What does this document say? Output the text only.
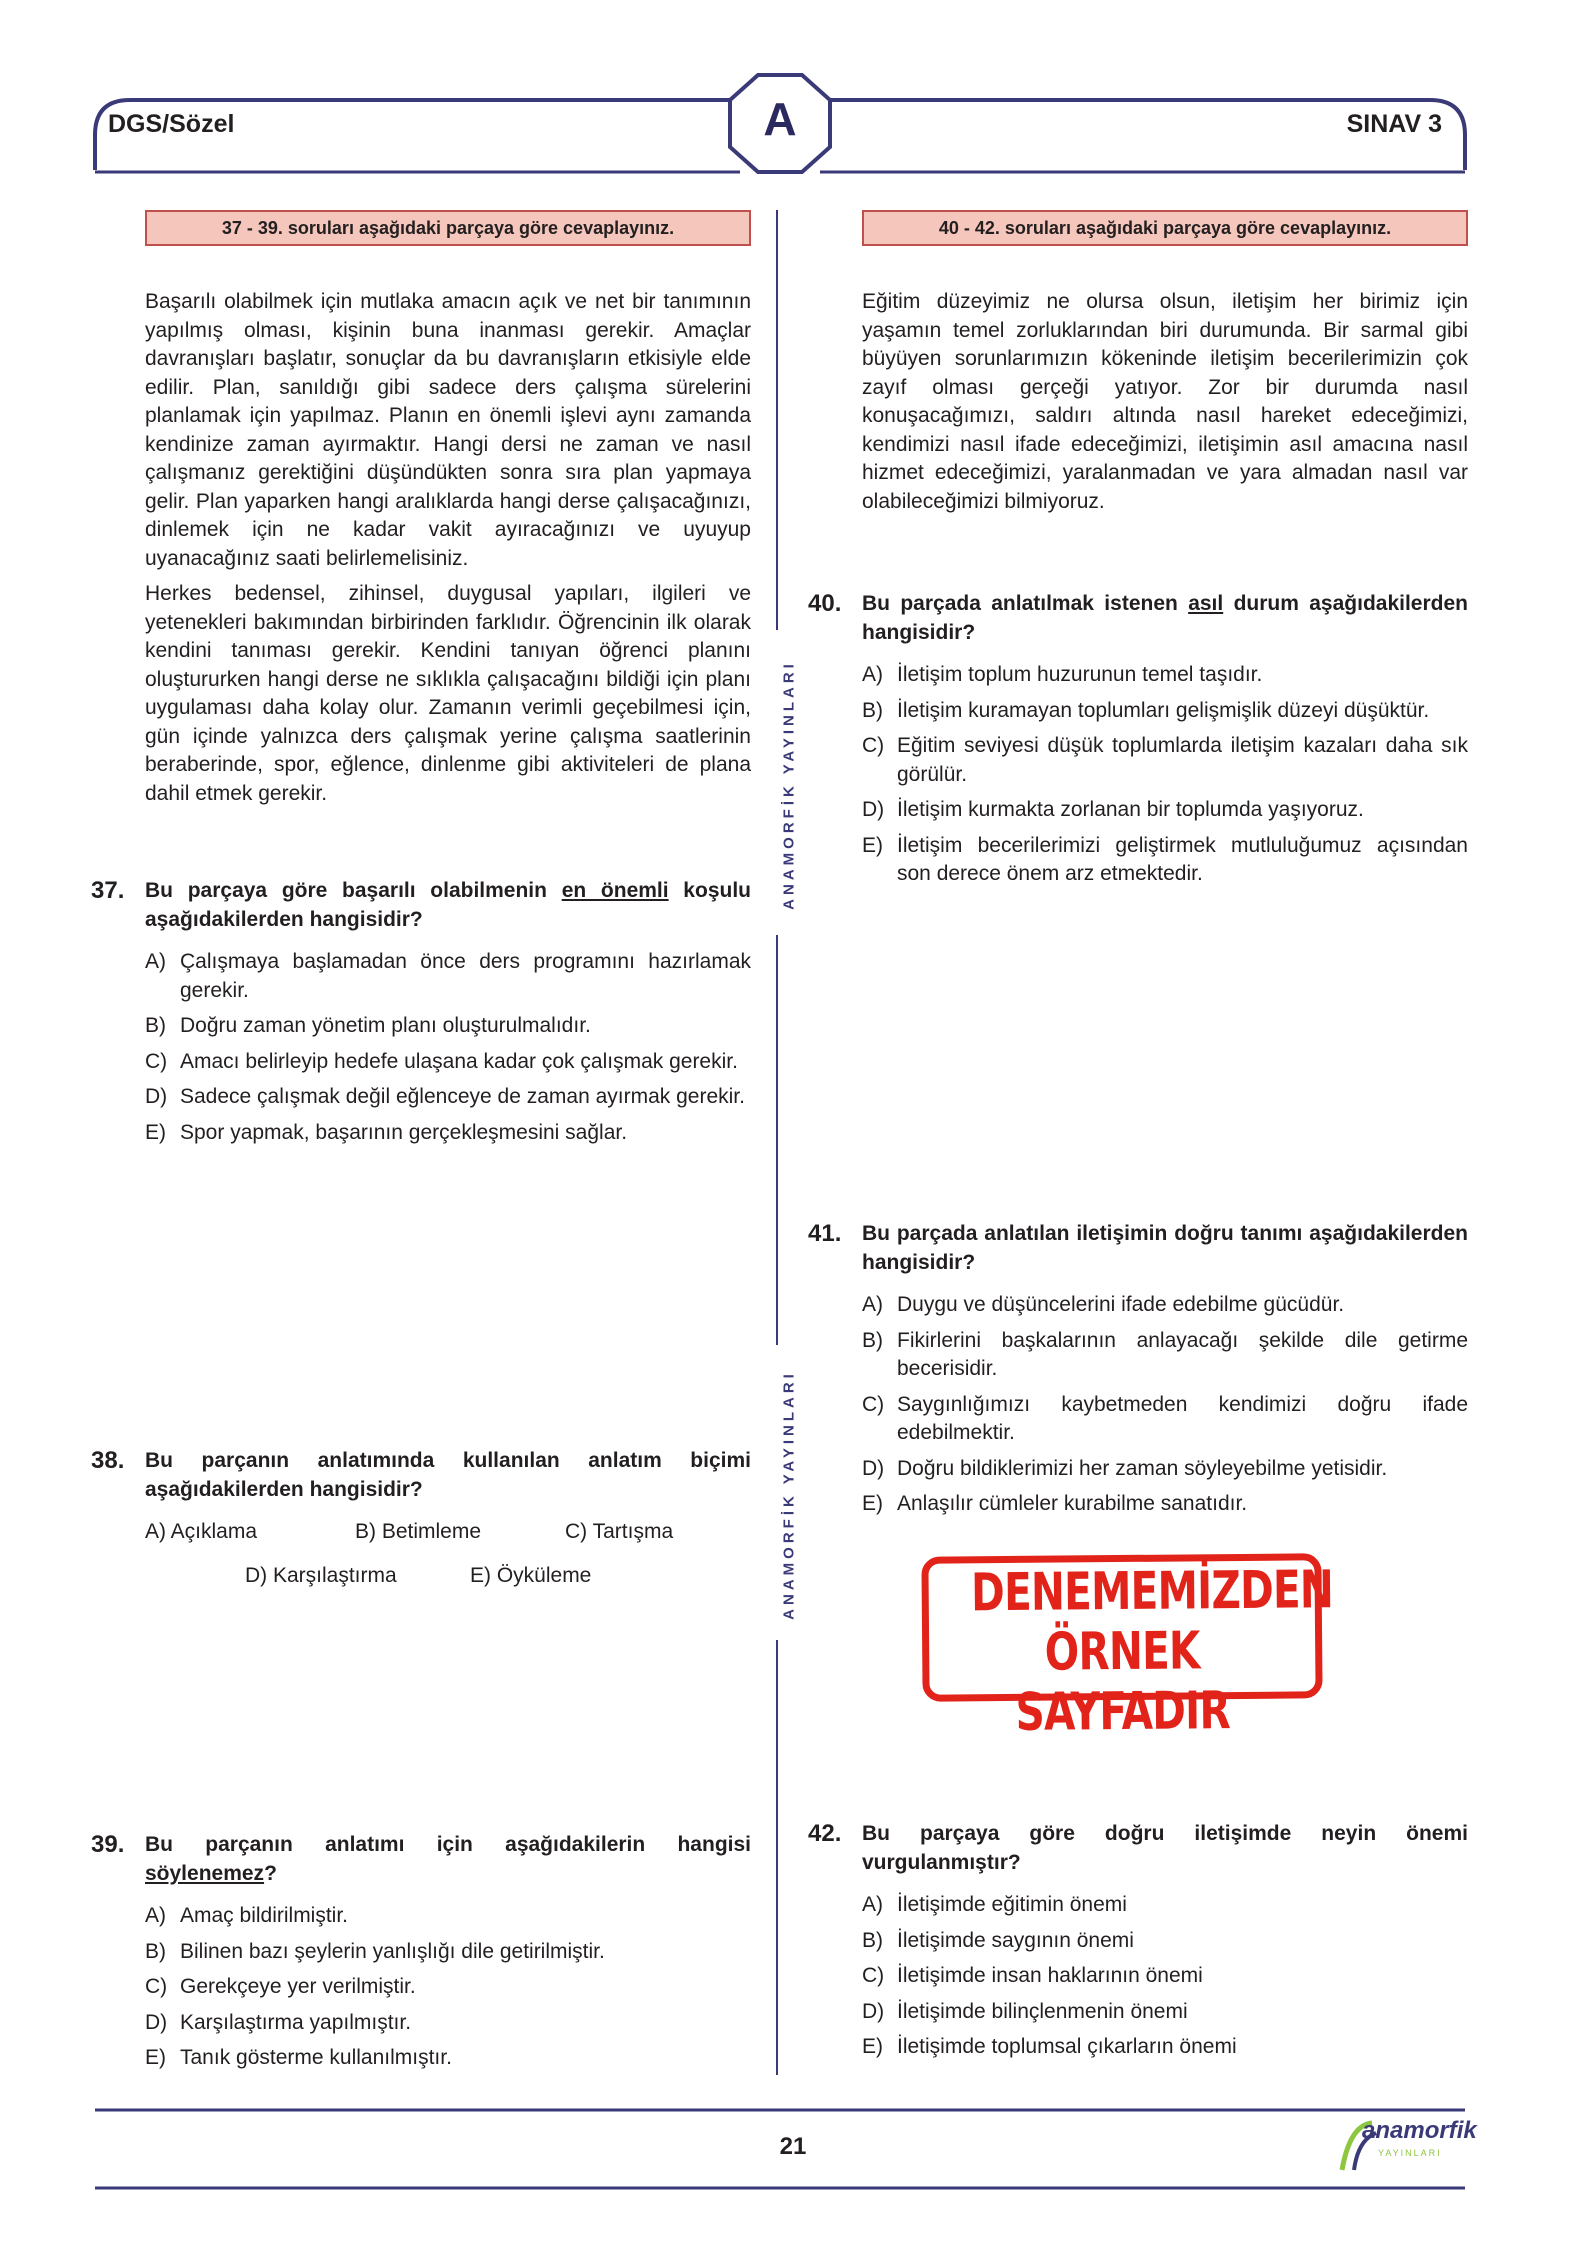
DGS/Sözel	A	SINAV 3
ANAMORFİK YAYINLARI
ANAMORFİK YAYINLARI
37 - 39. soruları aşağıdaki parçaya göre cevaplayınız.

Başarılı olabilmek için mutlaka amacın açık ve net bir tanımının yapılmış olması, kişinin buna inanması gerekir. Amaçlar davranışları başlatır, sonuçlar da bu davranışların etkisiyle elde edilir. Plan, sanıldığı gibi sadece ders çalışma sürelerini planlamak için yapılmaz. Planın en önemli işlevi aynı zamanda kendinize zaman ayırmaktır. Hangi dersi ne zaman ve nasıl çalışmanız gerektiğini düşündükten sonra sıra plan yapmaya gelir. Plan yaparken hangi aralıklarda hangi derse çalışacağınızı, dinlemek için ne kadar vakit ayıracağınızı ve uyuyup uyanacağınız saati belirlemelisiniz.

Herkes bedensel, zihinsel, duygusal yapıları, ilgileri ve yetenekleri bakımından birbirinden farklıdır. Öğrencinin ilk olarak kendini tanıması gerekir. Kendini tanıyan öğrenci planını oluştururken hangi derse ne sıklıkla çalışacağını bildiği için planı uygulaması daha kolay olur. Zamanın verimli geçebilmesi için, gün içinde yalnızca ders çalışmak yerine çalışma saatlerinin beraberinde, spor, eğlence, dinlenme gibi aktiviteleri de plana dahil etmek gerekir.

37. Bu parçaya göre başarılı olabilmenin en önemli koşulu aşağıdakilerden hangisidir?
A) Çalışmaya başlamadan önce ders programını hazırlamak gerekir.
B) Doğru zaman yönetim planı oluşturulmalıdır.
C) Amacı belirleyip hedefe ulaşana kadar çok çalışmak gerekir.
D) Sadece çalışmak değil eğlenceye de zaman ayırmak gerekir.
E) Spor yapmak, başarının gerçekleşmesini sağlar.
38. Bu parçanın anlatımında kullanılan anlatım biçimi aşağıdakilerden hangisidir?
A) Açıklama	B) Betimleme	C) Tartışma
D) Karşılaştırma	E) Öyküleme
39. Bu parçanın anlatımı için aşağıdakilerin hangisi söylenemez?
A) Amaç bildirilmiştir.
B) Bilinen bazı şeylerin yanlışlığı dile getirilmiştir.
C) Gerekçeye yer verilmiştir.
D) Karşılaştırma yapılmıştır.
E) Tanık gösterme kullanılmıştır.
40 - 42. soruları aşağıdaki parçaya göre cevaplayınız.

Eğitim düzeyimiz ne olursa olsun, iletişim her birimiz için yaşamın temel zorluklarından biri durumunda. Bir sarmal gibi büyüyen sorunlarımızın kökeninde iletişim becerilerimizin çok zayıf olması gerçeği yatıyor. Zor bir durumda nasıl konuşacağımızı, saldırı altında nasıl hareket edeceğimizi, kendimizi nasıl ifade edeceğimizi, iletişimin asıl amacına nasıl hizmet edeceğimizi, yaralanmadan ve yara almadan nasıl var olabileceğimizi bilmiyoruz.

40. Bu parçada anlatılmak istenen asıl durum aşağıdakilerden hangisidir?
A) İletişim toplum huzurunun temel taşıdır.
B) İletişim kuramayan toplumları gelişmişlik düzeyi düşüktür.
C) Eğitim seviyesi düşük toplumlarda iletişim kazaları daha sık görülür.
D) İletişim kurmakta zorlanan bir toplumda yaşıyoruz.
E) İletişim becerilerimizi geliştirmek mutluluğumuz açısından son derece önem arz etmektedir.
41. Bu parçada anlatılan iletişimin doğru tanımı aşağıdakilerden hangisidir?
A) Duygu ve düşüncelerini ifade edebilme gücüdür.
B) Fikirlerini başkalarının anlayacağı şekilde dile getirme becerisidir.
C) Saygınlığımızı kaybetmeden kendimizi doğru ifade edebilmektir.
D) Doğru bildiklerimizi her zaman söyleyebilme yetisidir.
E) Anlaşılır cümleler kurabilme sanatıdır.
DENEMEMİZDEN
ÖRNEK SAYFADIR
42. Bu parçaya göre doğru iletişimde neyin önemi vurgulanmıştır?
A) İletişimde eğitimin önemi
B) İletişimde saygının önemi
C) İletişimde insan haklarının önemi
D) İletişimde bilinçlenmenin önemi
E) İletişimde toplumsal çıkarların önemi
21
anamorfik
YAYINLARI
